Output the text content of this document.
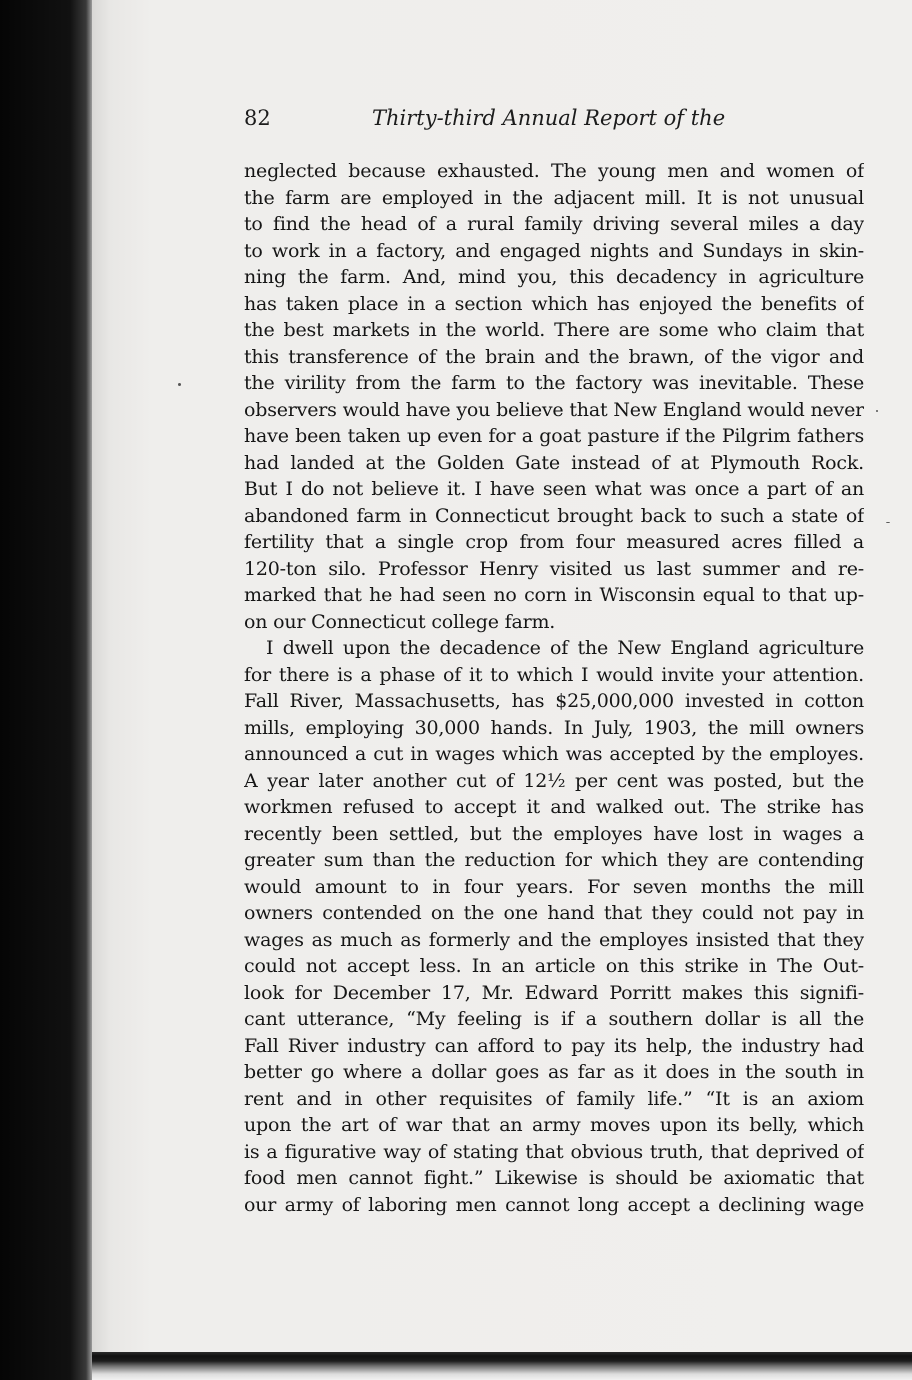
82	Thirty-third Annual Report of the
neglected because exhausted. The young men and women of
the farm are employed in the adjacent mill. It is not unusual
to find the head of a rural family driving several miles a day
to work in a factory, and engaged nights and Sundays in skin-
ning the farm. And, mind you, this decadency in agriculture
has taken place in a section which has enjoyed the benefits of
the best markets in the world. There are some who claim that
this transference of the brain and the brawn, of the vigor and
the virility from the farm to the factory was inevitable. These
observers would have you believe that New England would never
have been taken up even for a goat pasture if the Pilgrim fathers
had landed at the Golden Gate instead of at Plymouth Rock.
But I do not believe it. I have seen what was once a part of an
abandoned farm in Connecticut brought back to such a state of
fertility that a single crop from four measured acres filled a
120-ton silo. Professor Henry visited us last summer and re-
marked that he had seen no corn in Wisconsin equal to that up-
on our Connecticut college farm.
I dwell upon the decadence of the New England agriculture
for there is a phase of it to which I would invite your attention.
Fall River, Massachusetts, has $25,000,000 invested in cotton
mills, employing 30,000 hands. In July, 1903, the mill owners
announced a cut in wages which was accepted by the employes.
A year later another cut of 12½ per cent was posted, but the
workmen refused to accept it and walked out. The strike has
recently been settled, but the employes have lost in wages a
greater sum than the reduction for which they are contending
would amount to in four years. For seven months the mill
owners contended on the one hand that they could not pay in
wages as much as formerly and the employes insisted that they
could not accept less. In an article on this strike in The Out-
look for December 17, Mr. Edward Porritt makes this signifi-
cant utterance, “My feeling is if a southern dollar is all the
Fall River industry can afford to pay its help, the industry had
better go where a dollar goes as far as it does in the south in
rent and in other requisites of family life.” “It is an axiom
upon the art of war that an army moves upon its belly, which
is a figurative way of stating that obvious truth, that deprived of
food men cannot fight.” Likewise is should be axiomatic that
our army of laboring men cannot long accept a declining wage
